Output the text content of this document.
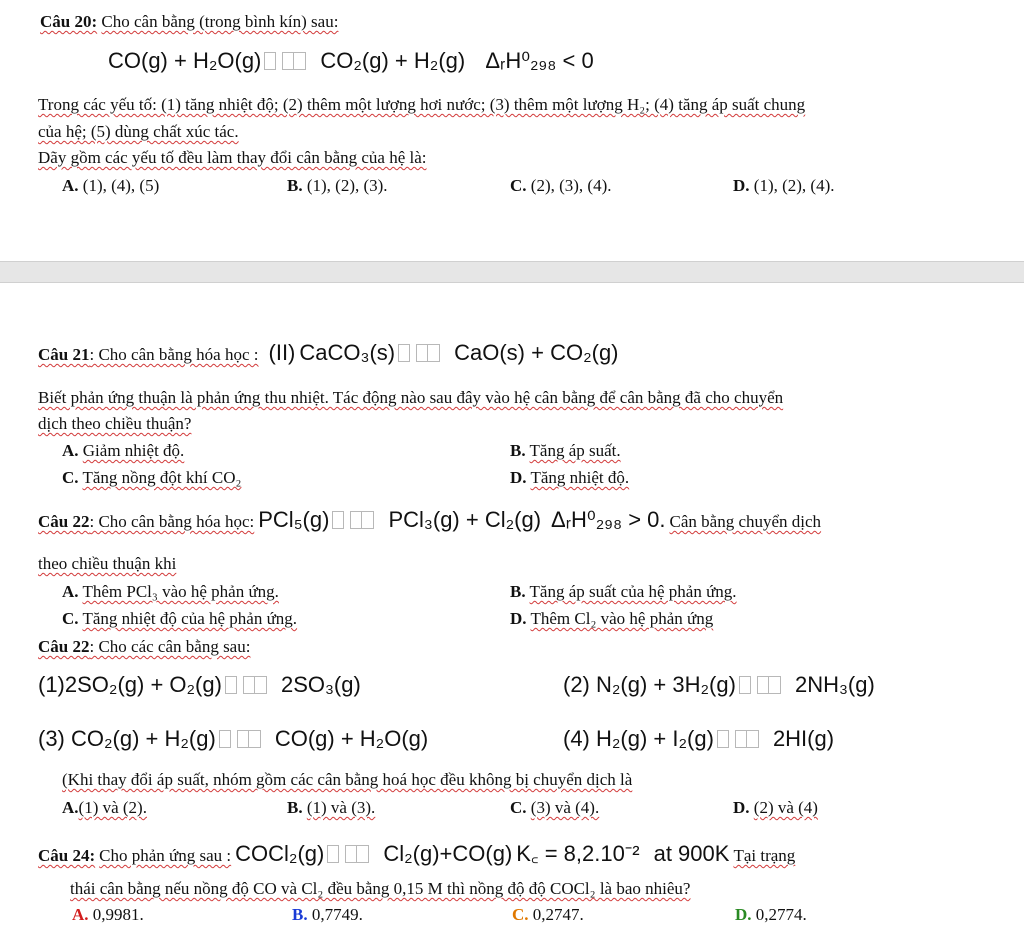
Câu 20: Cho cân bằng (trong bình kín) sau:
CO(g) + H₂O(g)	CO₂(g) + H₂(g) ΔᵣH⁰₂₉₈ < 0
Trong các yếu tố: (1) tăng nhiệt độ; (2) thêm một lượng hơi nước; (3) thêm một lượng H₂; (4) tăng áp suất chung
của hệ; (5) dùng chất xúc tác.
Dãy gồm các yếu tố đều làm thay đổi cân bằng của hệ là:
A. (1), (4), (5)	B. (1), (2), (3).	C. (2), (3), (4).	D. (1), (2), (4).
Câu 21: Cho cân bằng hóa học : (II) CaCO₃(s)	CaO(s) + CO₂(g)
Biết phản ứng thuận là phản ứng thu nhiệt. Tác động nào sau đây vào hệ cân bằng để cân bằng đã cho chuyển
dịch theo chiều thuận?
A. Giảm nhiệt độ.	B. Tăng áp suất.
C. Tăng nồng đột khí CO₂	D. Tăng nhiệt độ.
Câu 22: Cho cân bằng hóa học: PCl₅(g)	PCl₃(g) + Cl₂(g) ΔᵣH⁰₂₉₈ > 0. Cân bằng chuyển dịch
theo chiều thuận khi
A. Thêm PCl₃ vào hệ phản ứng.	B. Tăng áp suất của hệ phản ứng.
C. Tăng nhiệt độ của hệ phản ứng.	D. Thêm Cl₂ vào hệ phản ứng
Câu 22: Cho các cân bằng sau:
(1)2SO₂(g) + O₂(g)	2SO₃(g)	(2) N₂(g) + 3H₂(g)	2NH₃(g)
(3) CO₂(g) + H₂(g)	CO(g) + H₂O(g)	(4) H₂(g) + I₂(g)	2HI(g)
(Khi thay đổi áp suất, nhóm gồm các cân bằng hoá học đều không bị chuyển dịch là
A.(1) và (2).	B. (1) và (3).	C. (3) và (4).	D. (2) và (4)
Câu 24: Cho phản ứng sau : COCl₂(g)	Cl₂(g)+CO(g) K꜀ = 8,2.10⁻² at 900K Tại trạng
thái cân bằng nếu nồng độ CO và Cl₂ đều bằng 0,15 M thì nồng độ độ COCl₂ là bao nhiêu?
A. 0,9981.	B. 0,7749.	C. 0,2747.	D. 0,2774.
